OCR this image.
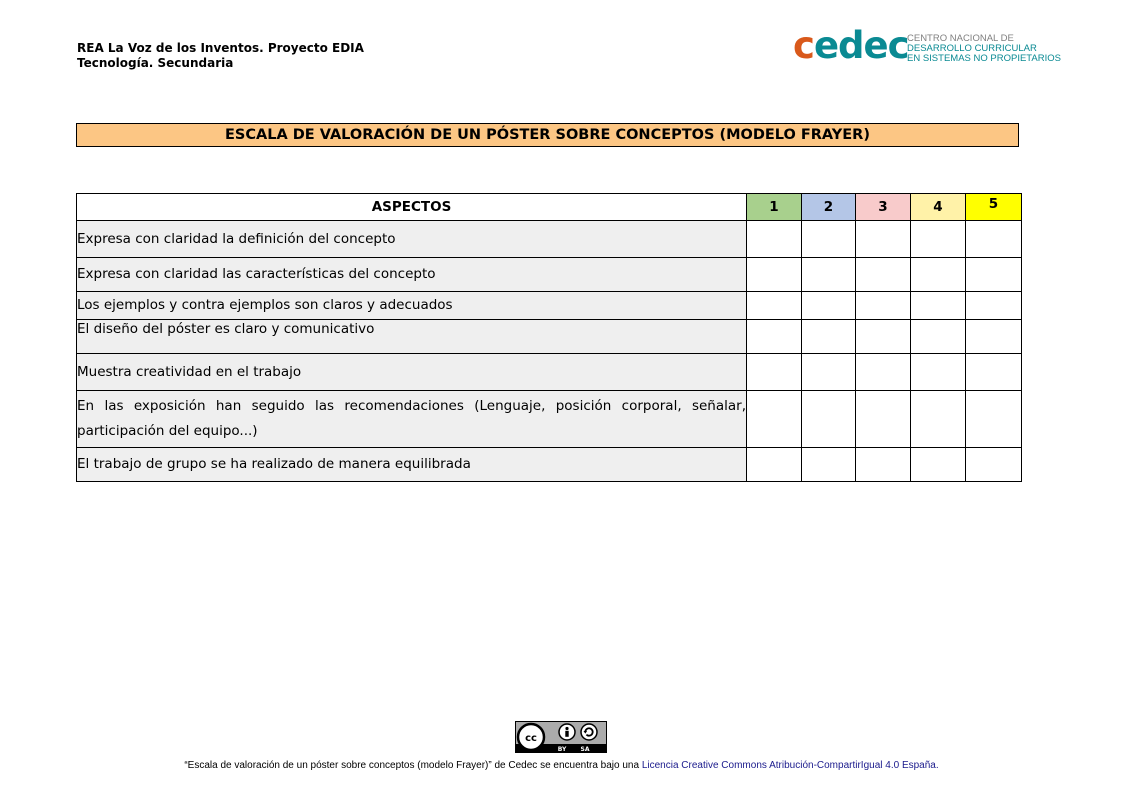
REA La Voz de los Inventos. Proyecto EDIA
Tecnología. Secundaria	cedec
CENTRO NACIONAL DE
DESARROLLO CURRICULAR
EN SISTEMAS NO PROPIETARIOS
ESCALA DE VALORACIÓN DE UN PÓSTER SOBRE CONCEPTOS (MODELO FRAYER)
ASPECTOS	1	2	3	4	5
Expresa con claridad la definición del concepto					
Expresa con claridad las características del concepto					
Los ejemplos y contra ejemplos son claros y adecuados					
El diseño del póster es claro y comunicativo					
Muestra creatividad en el trabajo					
En las exposición han seguido las recomendaciones (Lenguaje, posición corporal, señalar, participación del equipo...)					
El trabajo de grupo se ha realizado de manera equilibrada					
cc
BY SA
“Escala de valoración de un póster sobre conceptos (modelo Frayer)” de Cedec se encuentra bajo una Licencia Creative Commons Atribución-CompartirIgual 4.0 España.
